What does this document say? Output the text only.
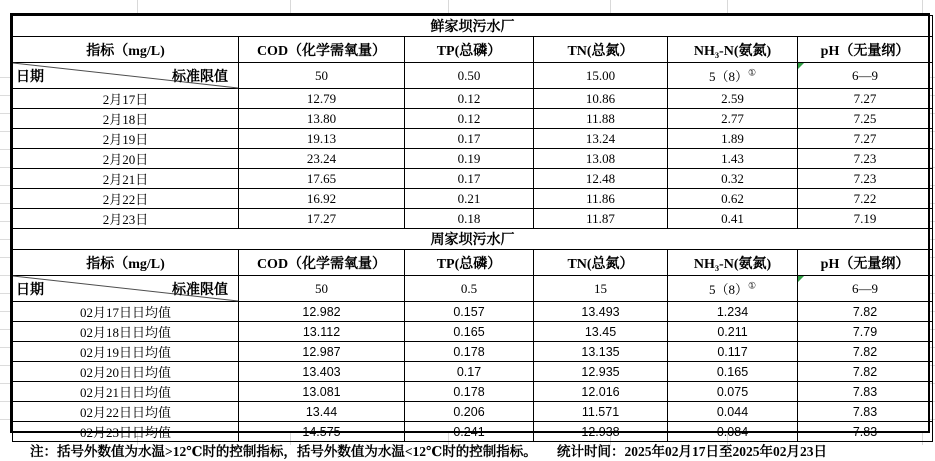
鲜家坝污水厂					
指标（mg/L)	COD（化学需氧量）	TP(总磷）	TN(总氮）	NH₃-N(氨氮)	pH（无量纲）

日期 标准限值	50	0.50	15.00	5（8）①	6—9
2月17日	12.79	0.12	10.86	2.59	7.27
2月18日	13.80	0.12	11.88	2.77	7.25
2月19日	19.13	0.17	13.24	1.89	7.27
2月20日	23.24	0.19	13.08	1.43	7.23
2月21日	17.65	0.17	12.48	0.32	7.23
2月22日	16.92	0.21	11.86	0.62	7.22
2月23日	17.27	0.18	11.87	0.41	7.19
周家坝污水厂					
指标（mg/L)	COD（化学需氧量）	TP(总磷）	TN(总氮）	NH₃-N(氨氮)	pH（无量纲）

日期 标准限值	50	0.5	15	5（8）①	6—9
02月17日日均值	12.982	0.157	13.493	1.234	7.82
02月18日日均值	13.112	0.165	13.45	0.211	7.79
02月19日日均值	12.987	0.178	13.135	0.117	7.82
02月20日日均值	13.403	0.17	12.935	0.165	7.82
02月21日日均值	13.081	0.178	12.016	0.075	7.83
02月22日日均值	13.44	0.206	11.571	0.044	7.83
02月23日日均值	14.575	0.241	12.938	0.084	7.83
注：括号外数值为水温>12℃时的控制指标，括号外数值为水温<12℃时的控制指标。　　统计时间：2025年02月17日至2025年02月23日
